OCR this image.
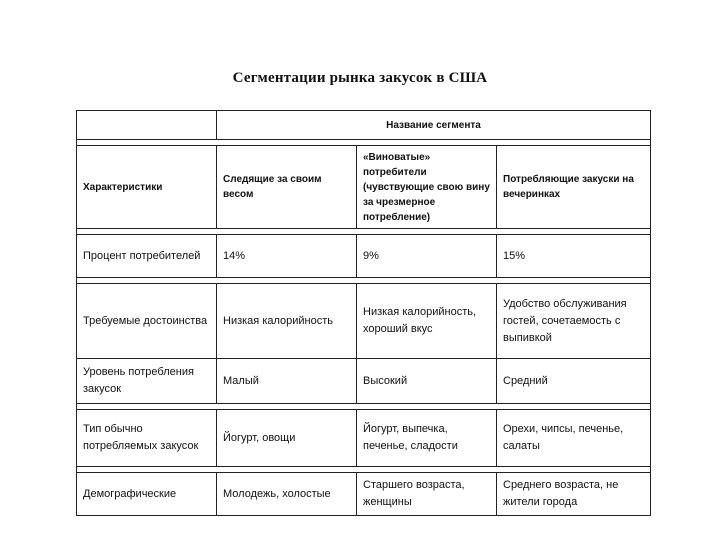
Сегментации рынка закусок в США
	Название сегмента		

Характеристики	Следящие за своим весом	«Виноватые» потребители (чувствующие свою вину за чрезмерное потребление)	Потребляющие закуски на вечеринках

Процент потребителей	14%	9%	15%

Требуемые достоинства	Низкая калорийность	Низкая калорийность, хороший вкус	Удобство обслуживания гостей, сочетаемость с выпивкой
Уровень потребления закусок	Малый	Высокий	Средний

Тип обычно потребляемых закусок	Йогурт, овощи	Йогурт, выпечка, печенье, сладости	Орехи, чипсы, печенье, салаты

Демографические	Молодежь, холостые	Старшего возраста, женщины	Среднего возраста, не жители города
